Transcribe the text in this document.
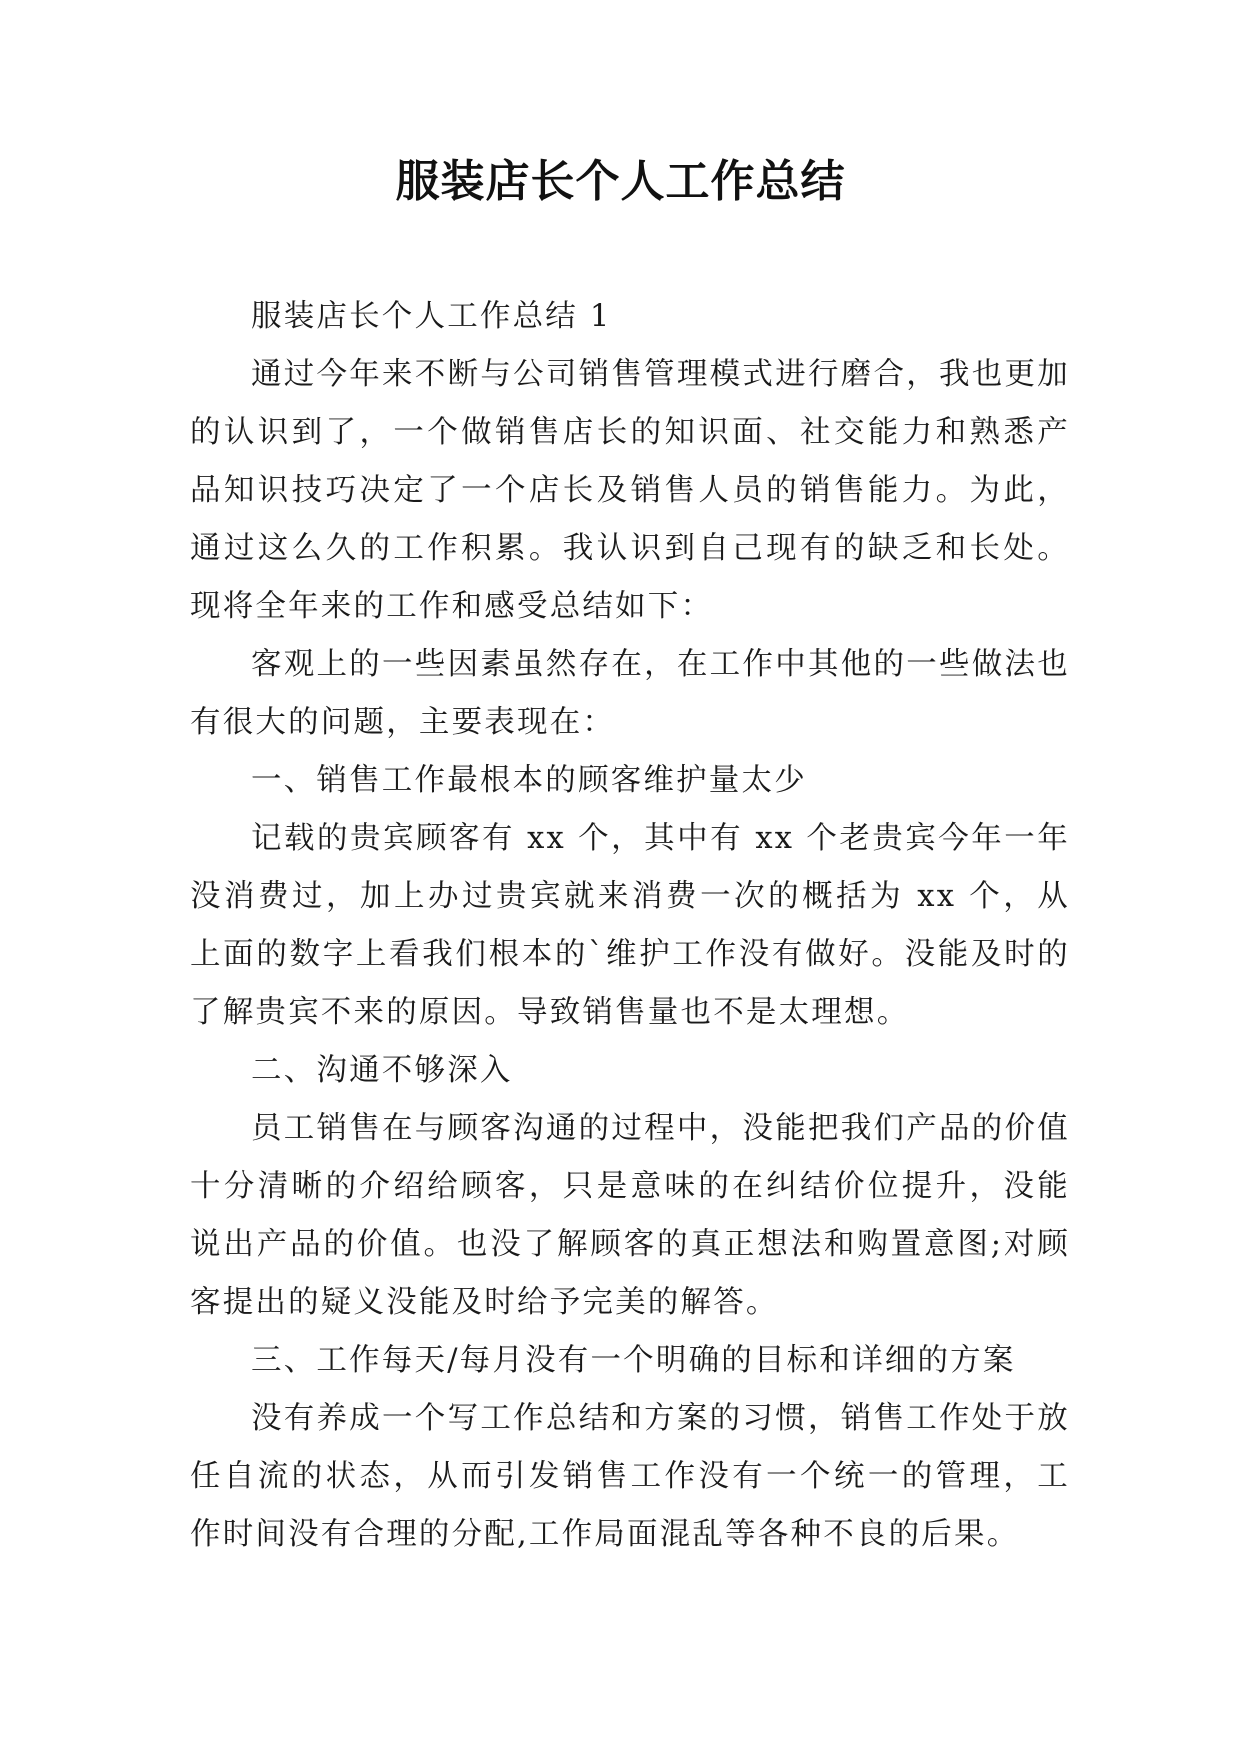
服装店长个人工作总结

服装店长个人工作总结 1

通过今年来不断与公司销售管理模式进行磨合，我也更加的认识到了，一个做销售店长的知识面、社交能力和熟悉产品知识技巧决定了一个店长及销售人员的销售能力。为此，通过这么久的工作积累。我认识到自己现有的缺乏和长处。现将全年来的工作和感受总结如下：

客观上的一些因素虽然存在，在工作中其他的一些做法也有很大的问题，主要表现在：

一、销售工作最根本的顾客维护量太少

记载的贵宾顾客有 xx 个，其中有 xx 个老贵宾今年一年没消费过，加上办过贵宾就来消费一次的概括为 xx 个，从上面的数字上看我们根本的`维护工作没有做好。没能及时的了解贵宾不来的原因。导致销售量也不是太理想。

二、沟通不够深入

员工销售在与顾客沟通的过程中，没能把我们产品的价值十分清晰的介绍给顾客，只是意味的在纠结价位提升，没能说出产品的价值。也没了解顾客的真正想法和购置意图;对顾客提出的疑义没能及时给予完美的解答。

三、工作每天/每月没有一个明确的目标和详细的方案

没有养成一个写工作总结和方案的习惯，销售工作处于放任自流的状态，从而引发销售工作没有一个统一的管理，工作时间没有合理的分配,工作局面混乱等各种不良的后果。
